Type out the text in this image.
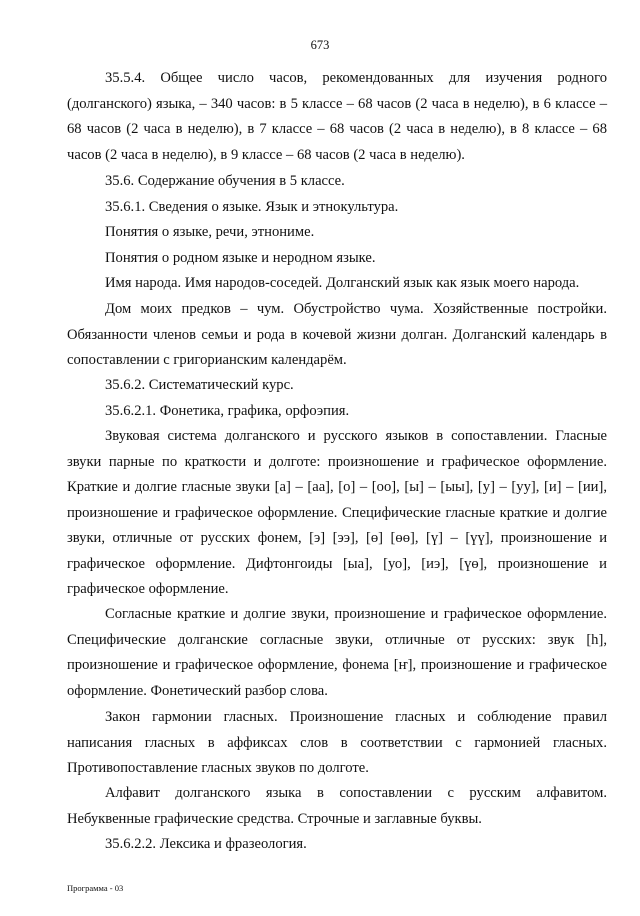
673

35.5.4. Общее число часов, рекомендованных для изучения родного (долганского) языка, – 340 часов: в 5 классе – 68 часов (2 часа в неделю), в 6 классе – 68 часов (2 часа в неделю), в 7 классе – 68 часов (2 часа в неделю), в 8 классе – 68 часов (2 часа в неделю), в 9 классе – 68 часов (2 часа в неделю).

35.6. Содержание обучения в 5 классе.

35.6.1. Сведения о языке. Язык и этнокультура.

Понятия о языке, речи, этнониме.

Понятия о родном языке и неродном языке.

Имя народа. Имя народов-соседей. Долганский язык как язык моего народа.

Дом моих предков – чум. Обустройство чума. Хозяйственные постройки. Обязанности членов семьи и рода в кочевой жизни долган. Долганский календарь в сопоставлении с григорианским календарём.

35.6.2. Систематический курс.

35.6.2.1. Фонетика, графика, орфоэпия.

Звуковая система долганского и русского языков в сопоставлении. Гласные звуки парные по краткости и долготе: произношение и графическое оформление. Краткие и долгие гласные звуки [а] – [аа], [о] – [оо], [ы] – [ыы], [у] – [уу], [и] – [ии], произношение и графическое оформление. Специфические гласные краткие и долгие звуки, отличные от русских фонем, [э] [ээ], [ө] [өө], [ү] – [үү], произношение и графическое оформление. Дифтонгоиды [ыа], [уо], [иэ], [үө], произношение и графическое оформление.

Согласные краткие и долгие звуки, произношение и графическое оформление. Специфические долганские согласные звуки, отличные от русских: звук [h], произношение и графическое оформление, фонема [ҥ], произношение и графическое оформление. Фонетический разбор слова.

Закон гармонии гласных. Произношение гласных и соблюдение правил написания гласных в аффиксах слов в соответствии с гармонией гласных. Противопоставление гласных звуков по долготе.

Алфавит долганского языка в сопоставлении с русским алфавитом. Небуквенные графические средства. Строчные и заглавные буквы.

35.6.2.2. Лексика и фразеология.

Программа - 03
